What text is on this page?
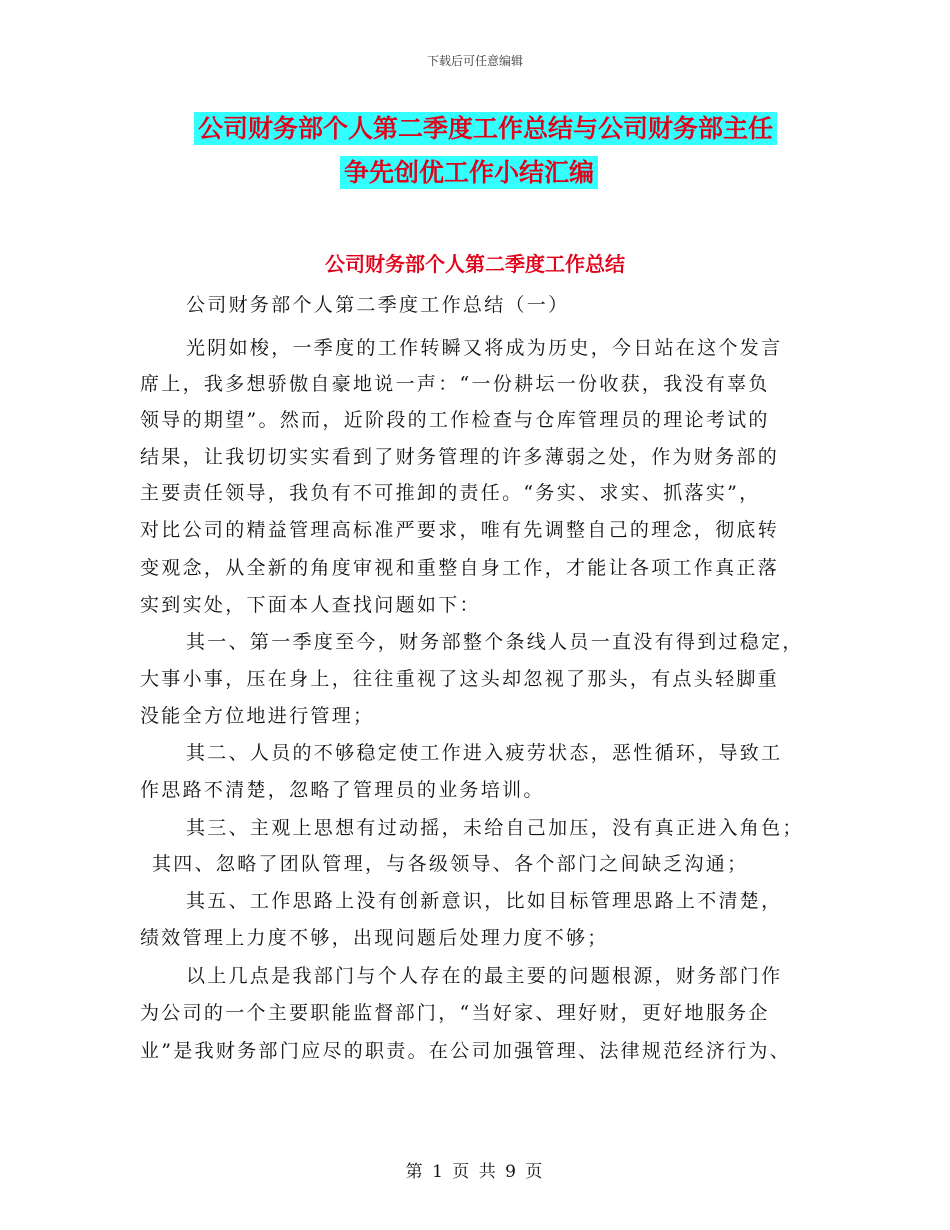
下载后可任意编辑
公司财务部个人第二季度工作总结与公司财务部主任
争先创优工作小结汇编
公司财务部个人第二季度工作总结
公司财务部个人第二季度工作总结（一）
光阴如梭，一季度的工作转瞬又将成为历史，今日站在这个发言
席上，我多想骄傲自豪地说一声：“一份耕坛一份收获，我没有辜负
领导的期望”。然而，近阶段的工作检查与仓库管理员的理论考试的
结果，让我切切实实看到了财务管理的许多薄弱之处，作为财务部的
主要责任领导，我负有不可推卸的责任。“务实、求实、抓落实”，
对比公司的精益管理高标准严要求，唯有先调整自己的理念，彻底转
变观念，从全新的角度审视和重整自身工作，才能让各项工作真正落
实到实处，下面本人查找问题如下：
其一、第一季度至今，财务部整个条线人员一直没有得到过稳定，
大事小事，压在身上，往往重视了这头却忽视了那头，有点头轻脚重
没能全方位地进行管理；
其二、人员的不够稳定使工作进入疲劳状态，恶性循环，导致工
作思路不清楚，忽略了管理员的业务培训。
其三、主观上思想有过动摇，未给自己加压，没有真正进入角色；
其四、忽略了团队管理，与各级领导、各个部门之间缺乏沟通；
其五、工作思路上没有创新意识，比如目标管理思路上不清楚，
绩效管理上力度不够，出现问题后处理力度不够；
以上几点是我部门与个人存在的最主要的问题根源，财务部门作
为公司的一个主要职能监督部门，“当好家、理好财，更好地服务企
业”是我财务部门应尽的职责。在公司加强管理、法律规范经济行为、
第 1 页 共 9 页
